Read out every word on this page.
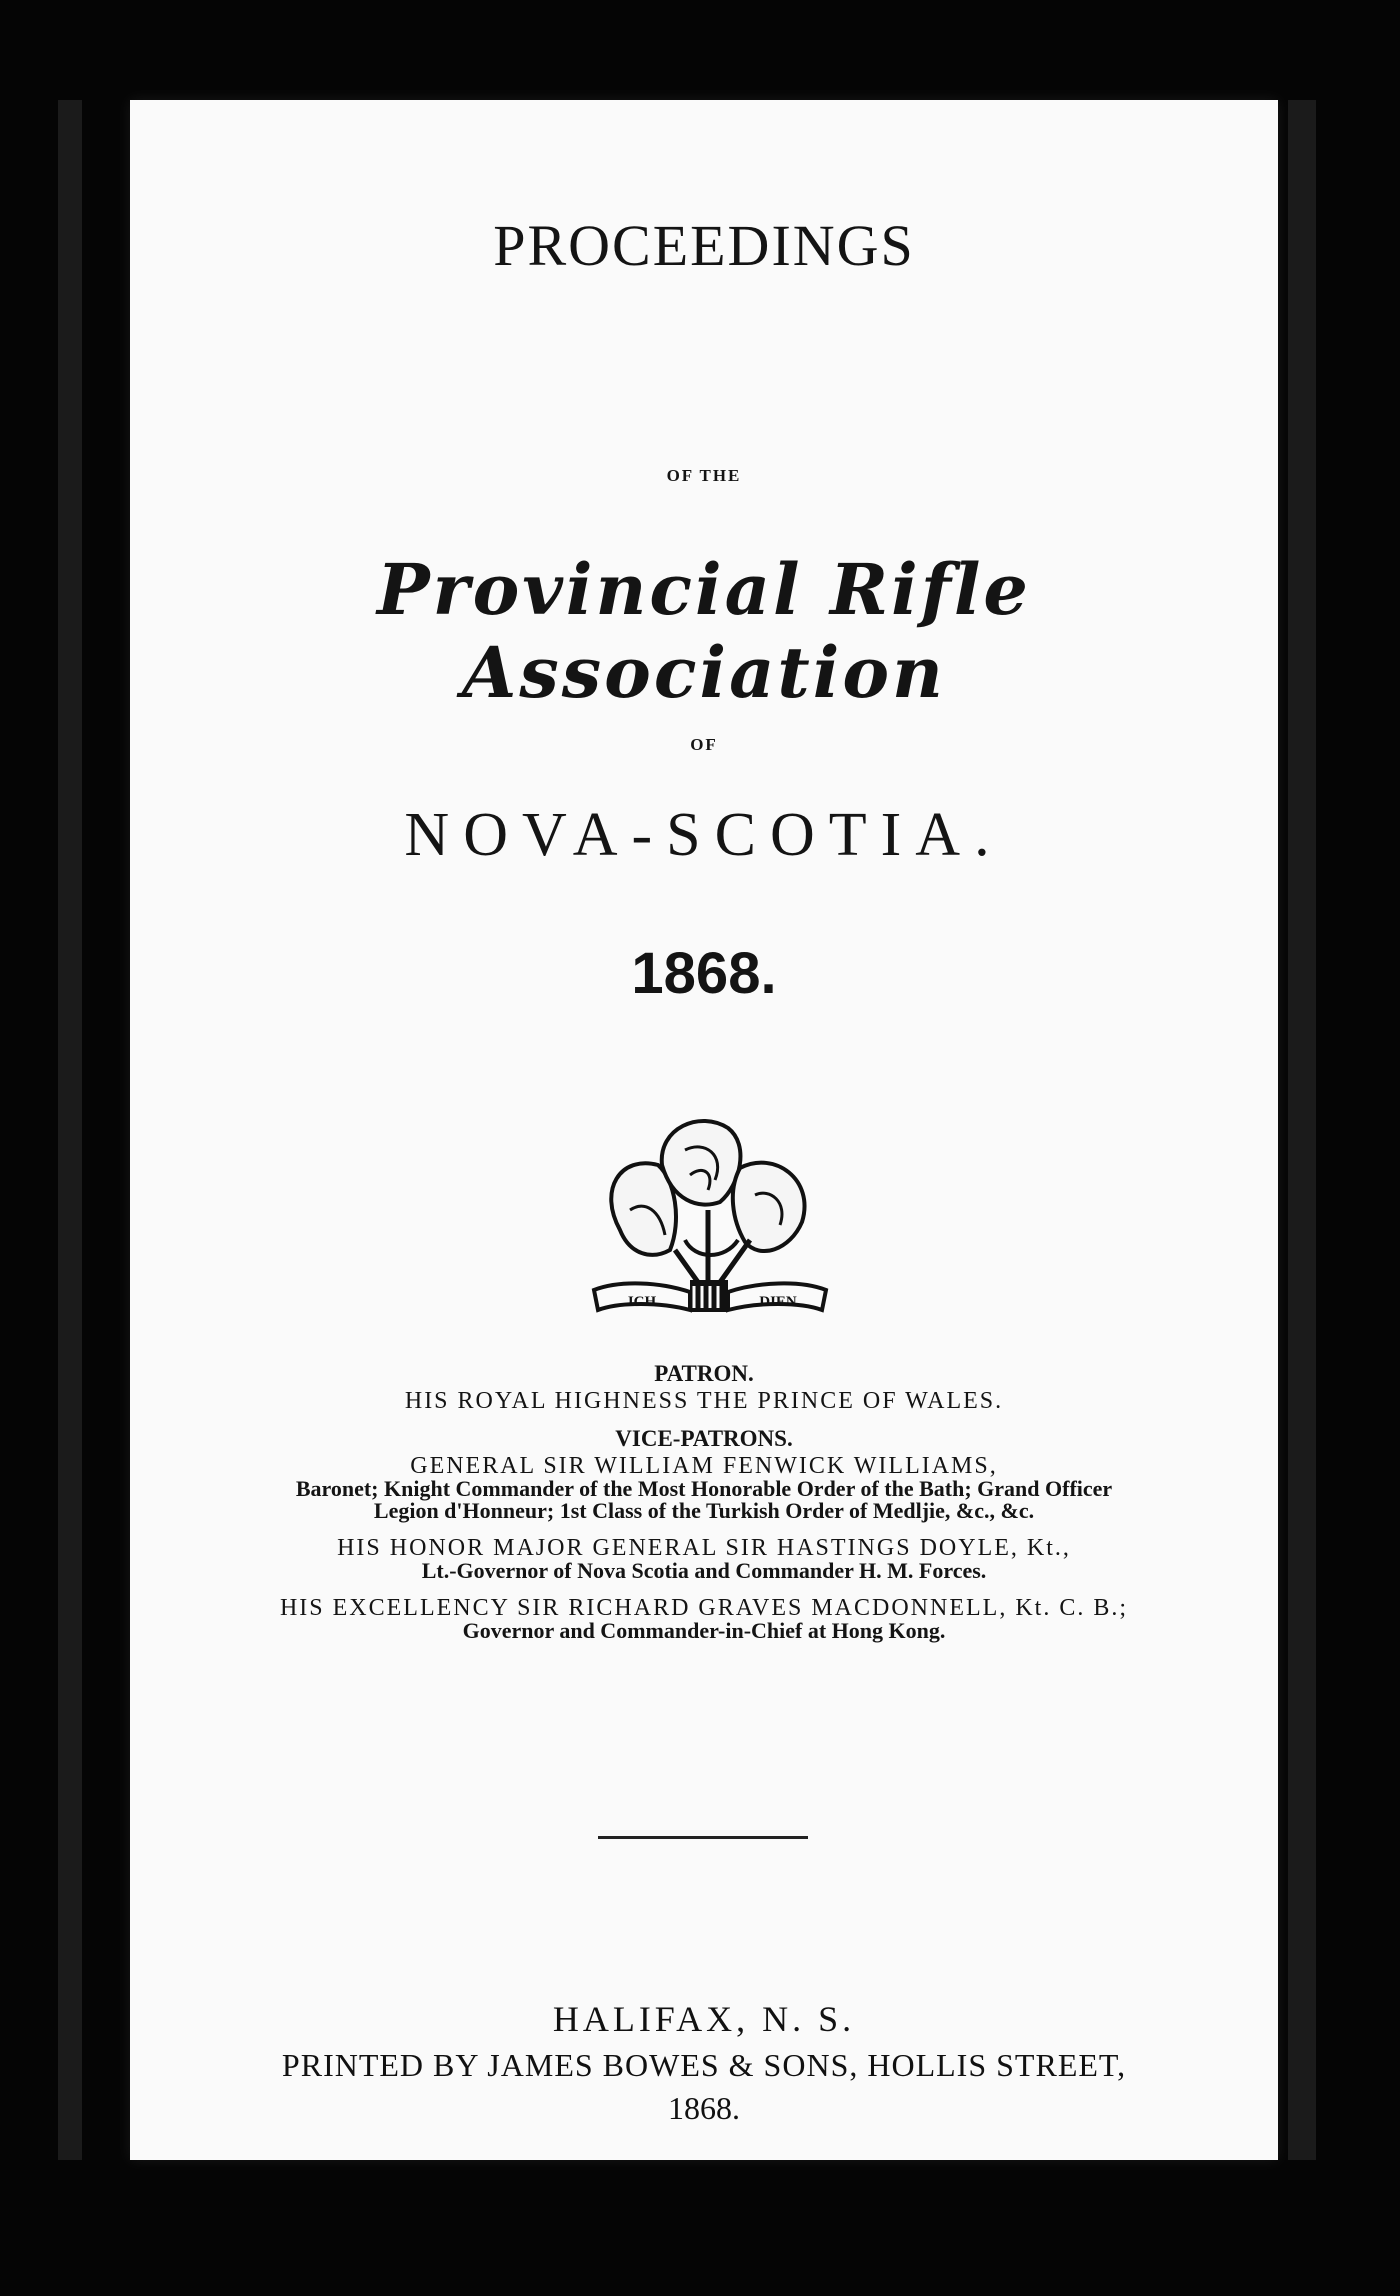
PROCEEDINGS
OF THE
Provincial Rifle Association
OF
NOVA-SCOTIA.
1868.
ICH	DIEN
PATRON.
HIS ROYAL HIGHNESS THE PRINCE OF WALES.
VICE-PATRONS.
GENERAL SIR WILLIAM FENWICK WILLIAMS,
Baronet; Knight Commander of the Most Honorable Order of the Bath; Grand Officer
Legion d'Honneur; 1st Class of the Turkish Order of Medljie, &c., &c.
HIS HONOR MAJOR GENERAL SIR HASTINGS DOYLE, Kt.,
Lt.-Governor of Nova Scotia and Commander H. M. Forces.
HIS EXCELLENCY SIR RICHARD GRAVES MACDONNELL, Kt. C. B.;
Governor and Commander-in-Chief at Hong Kong.
HALIFAX, N. S.
PRINTED BY JAMES BOWES & SONS, HOLLIS STREET,
1868.
